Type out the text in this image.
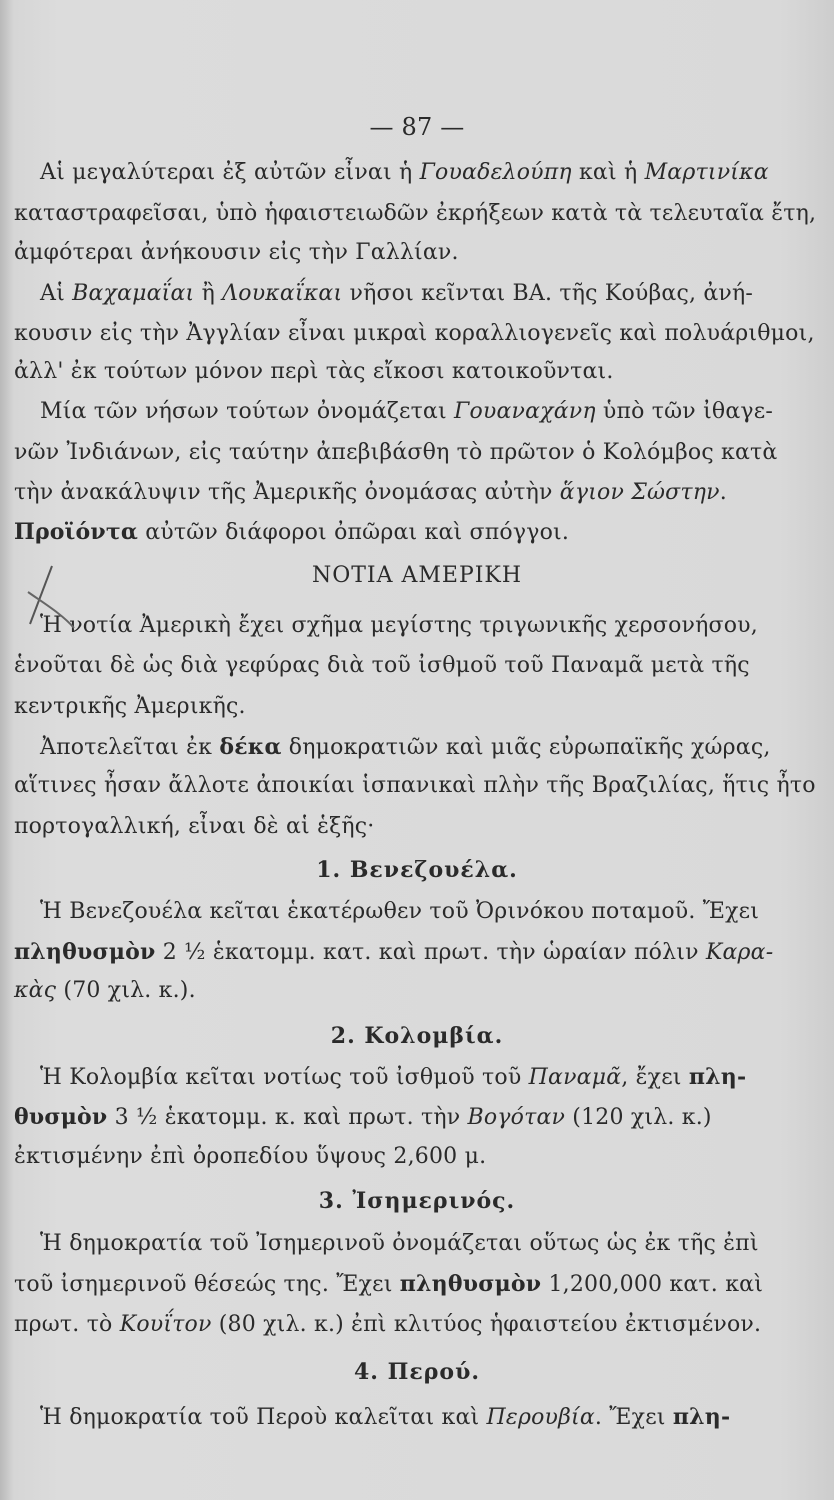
— 87 —
Αἱ μεγαλύτεραι ἐξ αὐτῶν εἶναι ἡ Γουαδελούπη καὶ ἡ Μαρτινίκα
καταστραφεῖσαι, ὑπὸ ἡφαιστειωδῶν ἐκρήξεων κατὰ τὰ τελευταῖα ἔτη,
ἀμφότεραι ἀνήκουσιν εἰς τὴν Γαλλίαν.
Αἱ Βαχαμαΐαι ἢ Λουκαΐκαι νῆσοι κεῖνται ΒΑ. τῆς Κούβας, ἀνή-
κουσιν εἰς τὴν Ἀγγλίαν εἶναι μικραὶ κοραλλιογενεῖς καὶ πολυάριθμοι,
ἀλλ' ἐκ τούτων μόνον περὶ τὰς εἴκοσι κατοικοῦνται.
Μία τῶν νήσων τούτων ὀνομάζεται Γουαναχάνη ὑπὸ τῶν ἰθαγε-
νῶν Ἰνδιάνων, εἰς ταύτην ἀπεβιβάσθη τὸ πρῶτον ὁ Κολόμβος κατὰ
τὴν ἀνακάλυψιν τῆς Ἀμερικῆς ὀνομάσας αὐτὴν ἅγιον Σώστην.
Προϊόντα αὐτῶν διάφοροι ὀπῶραι καὶ σπόγγοι.
ΝΟΤΙΑ ΑΜΕΡΙΚΗ
Ἡ νοτία Ἀμερικὴ ἔχει σχῆμα μεγίστης τριγωνικῆς χερσονήσου,
ἑνοῦται δὲ ὡς διὰ γεφύρας διὰ τοῦ ἰσθμοῦ τοῦ Παναμᾶ μετὰ τῆς
κεντρικῆς Ἀμερικῆς.
Ἀποτελεῖται ἐκ δέκα δημοκρατιῶν καὶ μιᾶς εὐρωπαϊκῆς χώρας,
αἵτινες ἦσαν ἄλλοτε ἀποικίαι ἱσπανικαὶ πλὴν τῆς Βραζιλίας, ἥτις ἦτο
πορτογαλλική, εἶναι δὲ αἱ ἑξῆς·
1. Βενεζουέλα.
Ἡ Βενεζουέλα κεῖται ἑκατέρωθεν τοῦ Ὀρινόκου ποταμοῦ. Ἔχει
πληθυσμὸν 2 ½ ἑκατομμ. κατ. καὶ πρωτ. τὴν ὡραίαν πόλιν Καρα-
κὰς (70 χιλ. κ.).
2. Κολομβία.
Ἡ Κολομβία κεῖται νοτίως τοῦ ἰσθμοῦ τοῦ Παναμᾶ, ἔχει πλη-
θυσμὸν 3 ½ ἑκατομμ. κ. καὶ πρωτ. τὴν Βογόταν (120 χιλ. κ.)
ἐκτισμένην ἐπὶ ὀροπεδίου ὕψους 2,600 μ.
3. Ἰσημερινός.
Ἡ δημοκρατία τοῦ Ἰσημερινοῦ ὀνομάζεται οὕτως ὡς ἐκ τῆς ἐπὶ
τοῦ ἰσημερινοῦ θέσεώς της. Ἔχει πληθυσμὸν 1,200,000 κατ. καὶ
πρωτ. τὸ Κουΐτον (80 χιλ. κ.) ἐπὶ κλιτύος ἡφαιστείου ἐκτισμένον.
4. Περού.
Ἡ δημοκρατία τοῦ Περοὺ καλεῖται καὶ Περουβία. Ἔχει πλη-
